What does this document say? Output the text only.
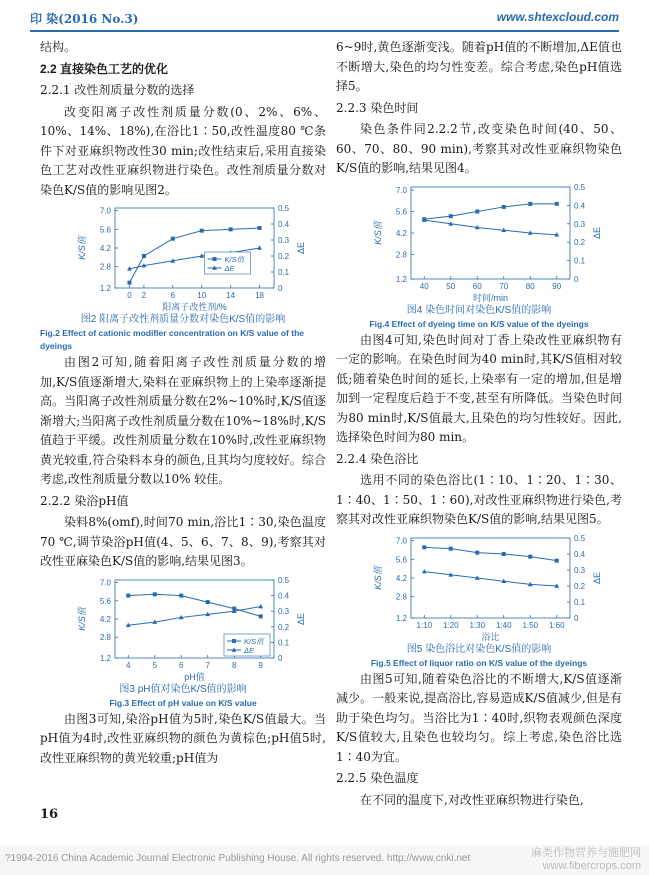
印 染(2016 No.3)	www.shtexcloud.com

结构。

2.2 直接染色工艺的优化
2.2.1 改性剂质量分数的选择

改变阳离子改性剂质量分数(0、2%、6%、10%、14%、18%),在浴比1∶50,改性温度80 ℃条件下对亚麻织物改性30 min;改性结束后,采用直接染色工艺对改性亚麻织物进行染色。改性剂质量分数对染色K/S值的影响见图2。

0 2	6	10	14	18
1.2
2.8
4.2
5.6
7.0
0
0.1
0.2
0.3
0.4
0.5
K/S值	ΔE
阳离子改性剂/%
K/S值
ΔE
图2 阳离子改性剂质量分数对染色K/S值的影响
Fig.2 Effect of cationic modifier concentration on K/S value of the dyeings

由图2可知,随着阳离子改性剂质量分数的增加,K/S值逐渐增大,染料在亚麻织物上的上染率逐渐提高。当阳离子改性剂质量分数在2%~10%时,K/S值逐渐增大;当阳离子改性剂质量分数在10%~18%时,K/S值趋于平缓。改性剂质量分数在10%时,改性亚麻织物黄光较重,符合染料本身的颜色,且其均匀度较好。综合考虑,改性剂质量分数以10% 较佳。

2.2.2 染浴pH值

染料8%(omf),时间70 min,浴比1∶30,染色温度70 ℃,调节染浴pH值(4、5、6、7、8、9),考察其对改性亚麻染色K/S值的影响,结果见图3。

4	5	6	7	8	9
1.2
2.8
4.2
5.6
7.0
0
0.1
0.2
0.3
0.4
0.5
K/S值	ΔE
pH值
K/S值
ΔE
图3 pH值对染色K/S值的影响
Fig.3 Effect of pH value on K/S value

由图3可知,染浴pH值为5时,染色K/S值最大。当pH值为4时,改性亚麻织物的颜色为黄棕色;pH值5时,改性亚麻织物的黄光较重;pH值为

6~9时,黄色逐渐变浅。随着pH值的不断增加,ΔE值也不断增大,染色的均匀性变差。综合考虑,染色pH值选择5。

2.2.3 染色时间

染色条件同2.2.2节,改变染色时间(40、50、60、70、80、90 min),考察其对改性亚麻织物染色K/S值的影响,结果见图4。

40 50 60 70 80 90
1.2
2.8
4.2
5.6
7.0
0
0.1
0.2
0.3
0.4
0.5
K/S值	ΔE
时间/min
图4 染色时间对染色K/S值的影响
Fig.4 Effect of dyeing time on K/S value of the dyeings

由图4可知,染色时间对丁香上染改性亚麻织物有一定的影响。在染色时间为40 min时,其K/S值相对较低;随着染色时间的延长,上染率有一定的增加,但是增加到一定程度后趋于不变,甚至有所降低。当染色时间为80 min时,K/S值最大,且染色的均匀性较好。因此,选择染色时间为80 min。

2.2.4 染色浴比

选用不同的染色浴比(1∶10、1∶20、1∶30、1∶40、1∶50、1∶60),对改性亚麻织物进行染色,考察其对改性亚麻织物染色K/S值的影响,结果见图5。

1:10 1:20 1:30 1:40 1:50 1:60
1.2
2.8
4.2
5.6
7.0
0
0.1
0.2
0.3
0.4
0.5
K/S值	ΔE
浴比
图5 染色浴比对染色K/S值的影响
Fig.5 Effect of liquor ratio on K/S value of the dyeings

由图5可知,随着染色浴比的不断增大,K/S值逐渐减少。一般来说,提高浴比,容易造成K/S值减少,但是有助于染色均匀。当浴比为1∶40时,织物表观颜色深度K/S值较大,且染色也较均匀。综上考虑,染色浴比选1∶40为宜。

2.2.5 染色温度

在不同的温度下,对改性亚麻织物进行染色,

16
?1994-2016 China Academic Journal Electronic Publishing House. All rights reserved. http://www.cnki.net	麻类作物营养与施肥网
www.fibercrops.com
